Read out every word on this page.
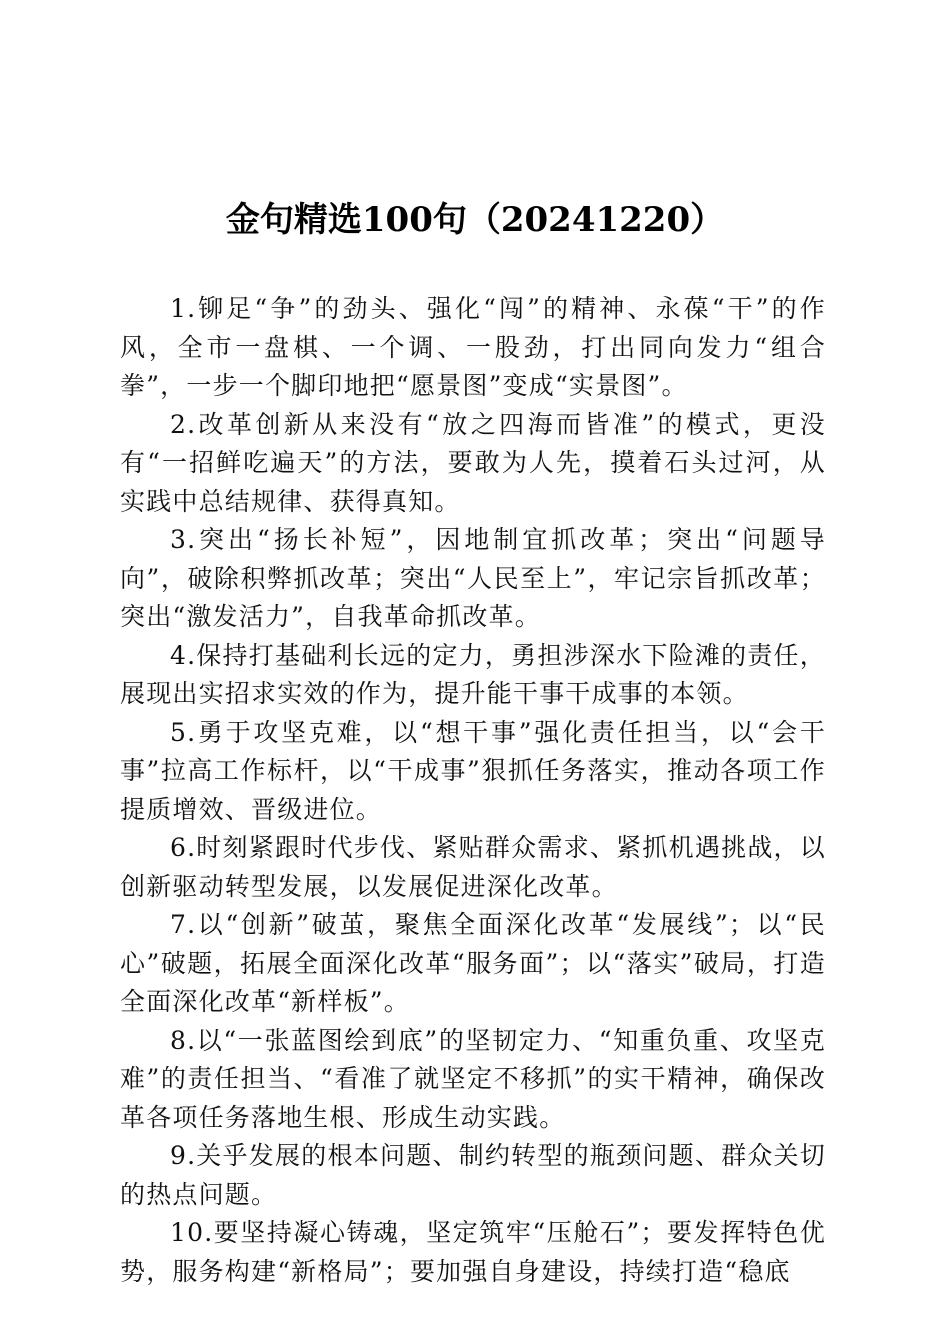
金句精选100句（20241220）

1.铆足“争”的劲头、强化“闯”的精神、永葆“干”的作风，全市一盘棋、一个调、一股劲，打出同向发力“组合拳”，一步一个脚印地把“愿景图”变成“实景图”。

2.改革创新从来没有“放之四海而皆准”的模式，更没有“一招鲜吃遍天”的方法，要敢为人先，摸着石头过河，从实践中总结规律、获得真知。

3.突出“扬长补短”，因地制宜抓改革；突出“问题导向”，破除积弊抓改革；突出“人民至上”，牢记宗旨抓改革；突出“激发活力”，自我革命抓改革。

4.保持打基础利长远的定力，勇担涉深水下险滩的责任，展现出实招求实效的作为，提升能干事干成事的本领。

5.勇于攻坚克难，以“想干事”强化责任担当，以“会干事”拉高工作标杆，以“干成事”狠抓任务落实，推动各项工作提质增效、晋级进位。

6.时刻紧跟时代步伐、紧贴群众需求、紧抓机遇挑战，以创新驱动转型发展，以发展促进深化改革。

7.以“创新”破茧，聚焦全面深化改革“发展线”；以“民心”破题，拓展全面深化改革“服务面”；以“落实”破局，打造全面深化改革“新样板”。

8.以“一张蓝图绘到底”的坚韧定力、“知重负重、攻坚克难”的责任担当、“看准了就坚定不移抓”的实干精神，确保改革各项任务落地生根、形成生动实践。

9.关乎发展的根本问题、制约转型的瓶颈问题、群众关切的热点问题。

10.要坚持凝心铸魂，坚定筑牢“压舱石”；要发挥特色优势，服务构建“新格局”；要加强自身建设，持续打造“稳底
